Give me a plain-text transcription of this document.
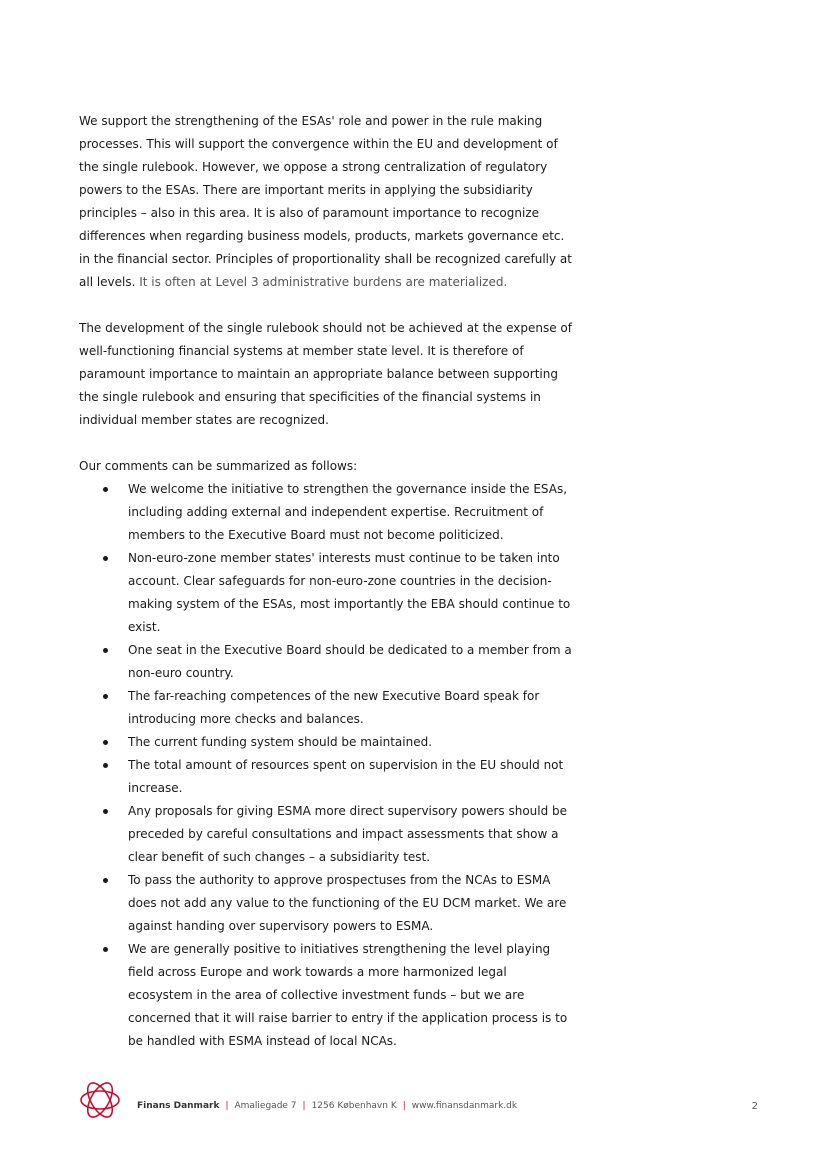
We support the strengthening of the ESAs' role and power in the rule making processes. This will support the convergence within the EU and development of the single rulebook. However, we oppose a strong centralization of regulatory powers to the ESAs. There are important merits in applying the subsidiarity principles – also in this area. It is also of paramount importance to recognize differences when regarding business models, products, markets governance etc. in the financial sector. Principles of proportionality shall be recognized carefully at all levels. It is often at Level 3 administrative burdens are materialized.

The development of the single rulebook should not be achieved at the expense of well-functioning financial systems at member state level. It is therefore of paramount importance to maintain an appropriate balance between supporting the single rulebook and ensuring that specificities of the financial systems in individual member states are recognized.

Our comments can be summarized as follows:

We welcome the initiative to strengthen the governance inside the ESAs, including adding external and independent expertise. Recruitment of members to the Executive Board must not become politicized.
Non-euro-zone member states' interests must continue to be taken into account. Clear safeguards for non-euro-zone countries in the decision-making system of the ESAs, most importantly the EBA should continue to exist.
One seat in the Executive Board should be dedicated to a member from a non-euro country.
The far-reaching competences of the new Executive Board speak for introducing more checks and balances.
The current funding system should be maintained.
The total amount of resources spent on supervision in the EU should not increase.
Any proposals for giving ESMA more direct supervisory powers should be preceded by careful consultations and impact assessments that show a clear benefit of such changes – a subsidiarity test.
To pass the authority to approve prospectuses from the NCAs to ESMA does not add any value to the functioning of the EU DCM market. We are against handing over supervisory powers to ESMA.
We are generally positive to initiatives strengthening the level playing field across Europe and work towards a more harmonized legal ecosystem in the area of collective investment funds – but we are concerned that it will raise barrier to entry if the application process is to be handled with ESMA instead of local NCAs.
Finans Danmark | Amaliegade 7 | 1256 København K | www.finansdanmark.dk	2
